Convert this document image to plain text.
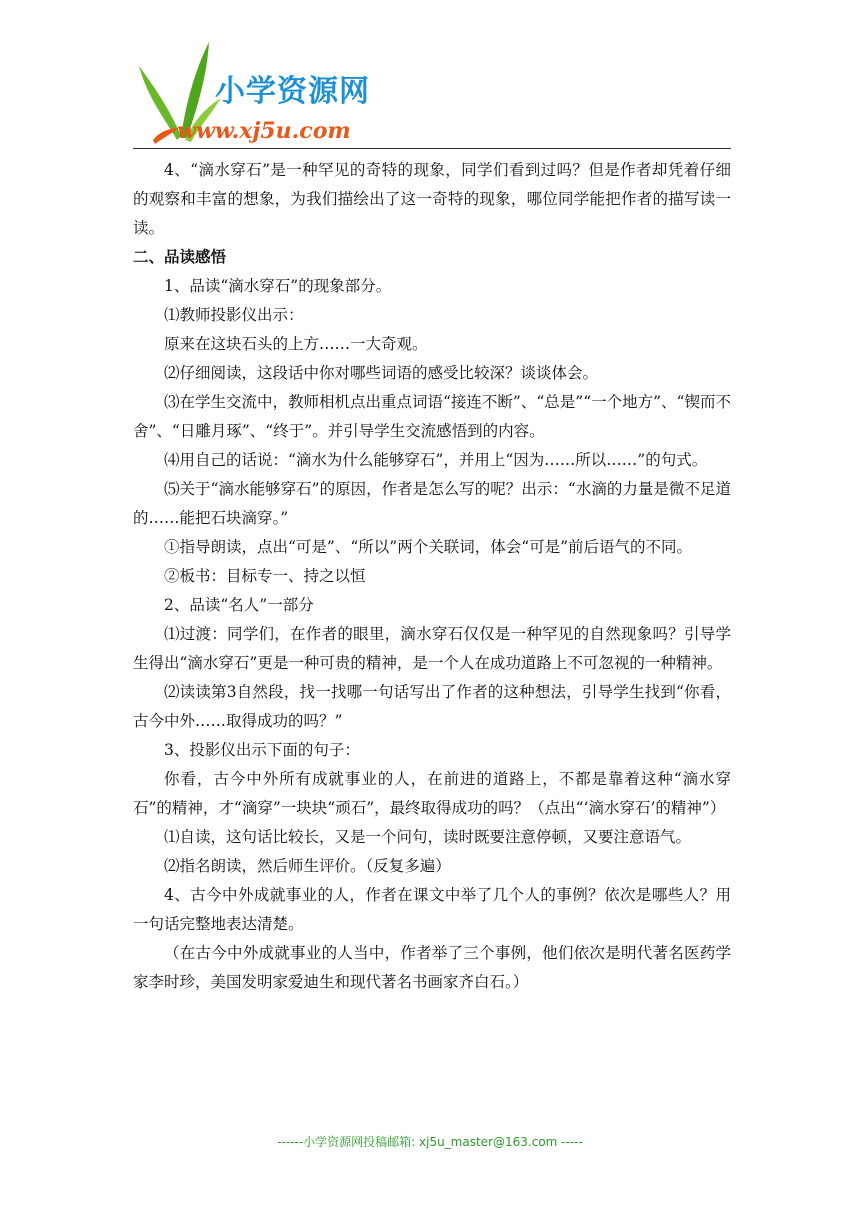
小学资源网
www.xj5u.com

4、“滴水穿石”是一种罕见的奇特的现象，同学们看到过吗？但是作者却凭着仔细的观察和丰富的想象，为我们描绘出了这一奇特的现象，哪位同学能把作者的描写读一读。

二、品读感悟

1、品读“滴水穿石”的现象部分。

⑴教师投影仪出示：

原来在这块石头的上方……一大奇观。

⑵仔细阅读，这段话中你对哪些词语的感受比较深？谈谈体会。

⑶在学生交流中，教师相机点出重点词语“接连不断”、“总是”“一个地方”、“锲而不舍”、“日雕月琢”、“终于”。并引导学生交流感悟到的内容。

⑷用自己的话说：“滴水为什么能够穿石”，并用上“因为……所以……”的句式。

⑸关于“滴水能够穿石”的原因，作者是怎么写的呢？出示：“水滴的力量是微不足道的……能把石块滴穿。”

①指导朗读，点出“可是”、“所以”两个关联词，体会“可是”前后语气的不同。

②板书：目标专一、持之以恒

2、品读“名人”一部分

⑴过渡：同学们，在作者的眼里，滴水穿石仅仅是一种罕见的自然现象吗？引导学生得出“滴水穿石”更是一种可贵的精神，是一个人在成功道路上不可忽视的一种精神。

⑵读读第3自然段，找一找哪一句话写出了作者的这种想法，引导学生找到“你看，古今中外……取得成功的吗？”

3、投影仪出示下面的句子：

你看，古今中外所有成就事业的人，在前进的道路上，不都是靠着这种“滴水穿石”的精神，才“滴穿”一块块“顽石”，最终取得成功的吗？（点出“‘滴水穿石’的精神”）

⑴自读，这句话比较长，又是一个问句，读时既要注意停顿，又要注意语气。

⑵指名朗读，然后师生评价。（反复多遍）

4、古今中外成就事业的人，作者在课文中举了几个人的事例？依次是哪些人？用一句话完整地表达清楚。

（在古今中外成就事业的人当中，作者举了三个事例，他们依次是明代著名医药学家李时珍，美国发明家爱迪生和现代著名书画家齐白石。）

------小学资源网投稿邮箱: xj5u_master@163.com -----
